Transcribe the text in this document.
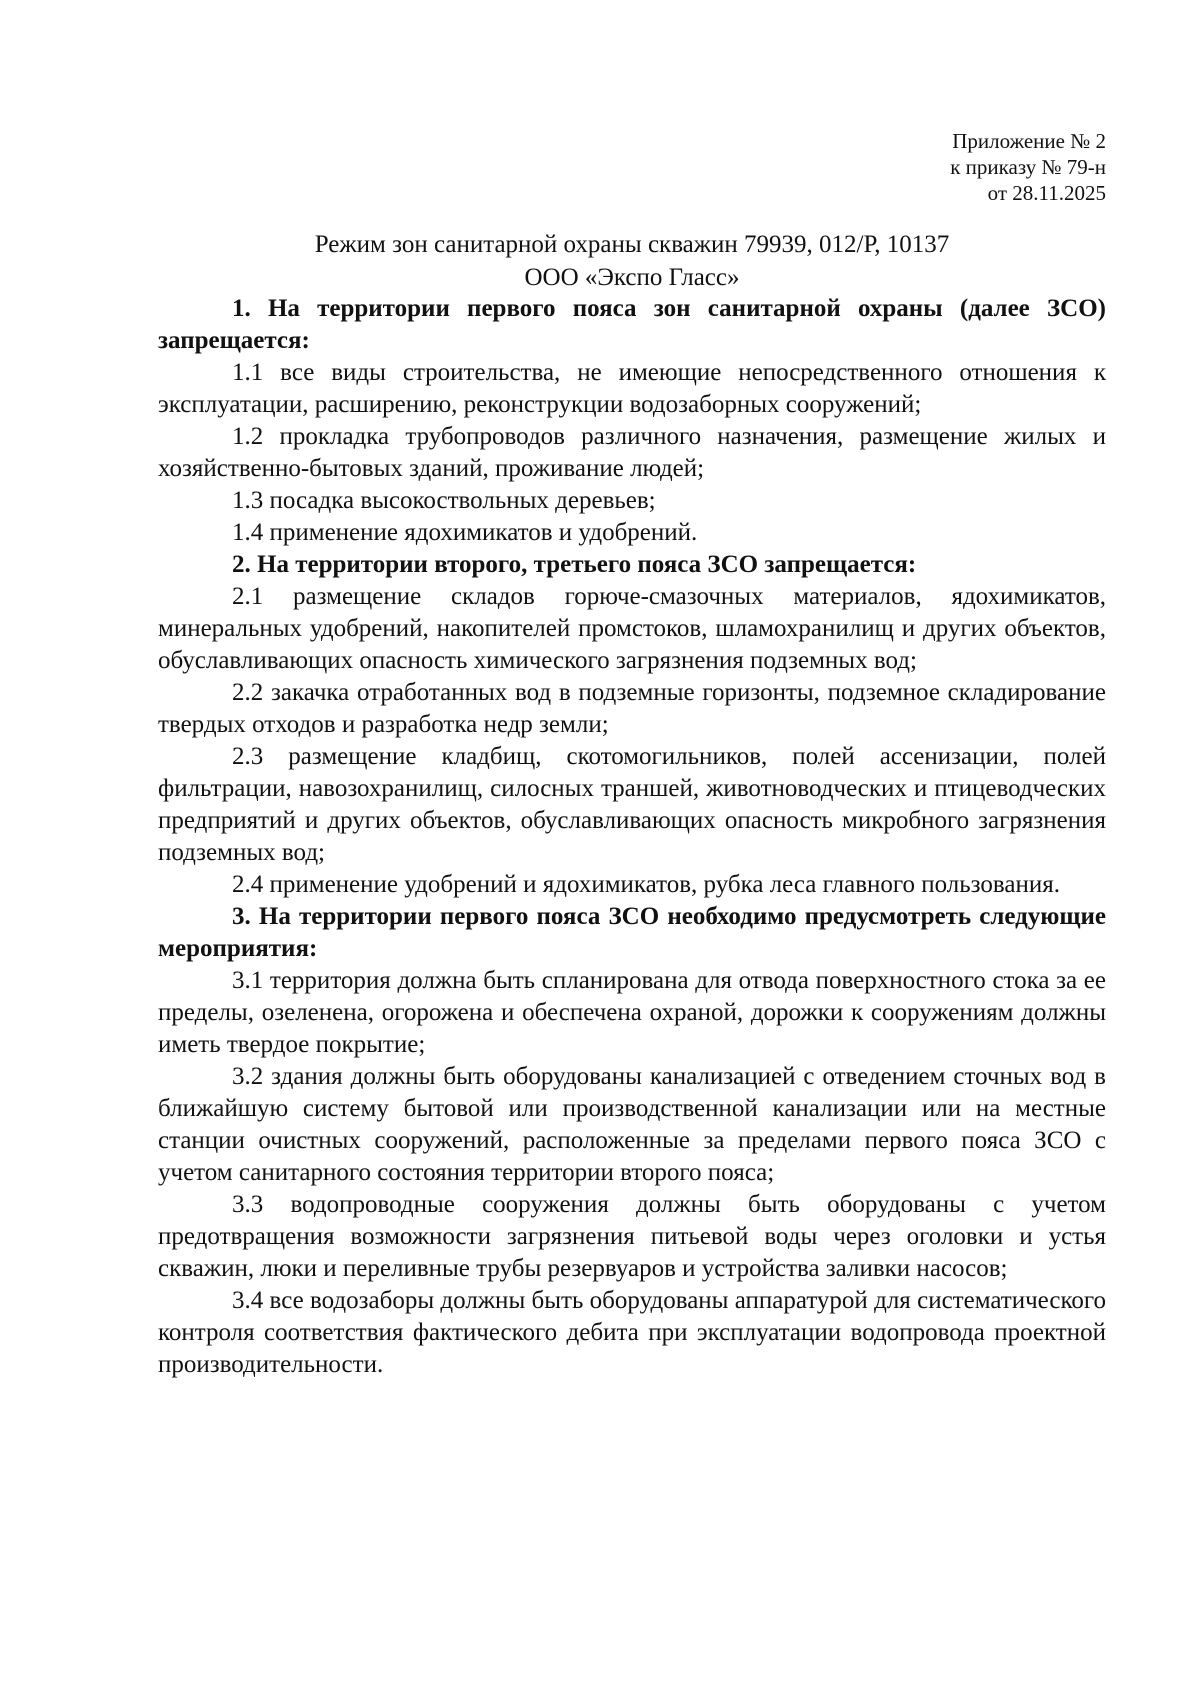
Приложение № 2
к приказу № 79-н
от 28.11.2025
Режим зон санитарной охраны скважин 79939, 012/Р, 10137
ООО «Экспо Гласс»

1. На территории первого пояса зон санитарной охраны (далее ЗСО) запрещается:

1.1 все виды строительства, не имеющие непосредственного отношения к эксплуатации, расширению, реконструкции водозаборных сооружений;

1.2 прокладка трубопроводов различного назначения, размещение жилых и хозяйственно-бытовых зданий, проживание людей;

1.3 посадка высокоствольных деревьев;

1.4 применение ядохимикатов и удобрений.

2. На территории второго, третьего пояса ЗСО запрещается:

2.1 размещение складов горюче-смазочных материалов, ядохимикатов, минеральных удобрений, накопителей промстоков, шламохранилищ и других объектов, обуславливающих опасность химического загрязнения подземных вод;

2.2 закачка отработанных вод в подземные горизонты, подземное складирование твердых отходов и разработка недр земли;

2.3 размещение кладбищ, скотомогильников, полей ассенизации, полей фильтрации, навозохранилищ, силосных траншей, животноводческих и птицеводческих предприятий и других объектов, обуславливающих опасность микробного загрязнения подземных вод;

2.4 применение удобрений и ядохимикатов, рубка леса главного пользования.

3. На территории первого пояса ЗСО необходимо предусмотреть следующие мероприятия:

3.1 территория должна быть спланирована для отвода поверхностного стока за ее пределы, озеленена, огорожена и обеспечена охраной, дорожки к сооружениям должны иметь твердое покрытие;

3.2 здания должны быть оборудованы канализацией с отведением сточных вод в ближайшую систему бытовой или производственной канализации или на местные станции очистных сооружений, расположенные за пределами первого пояса ЗСО с учетом санитарного состояния территории второго пояса;

3.3 водопроводные сооружения должны быть оборудованы с учетом предотвращения возможности загрязнения питьевой воды через оголовки и устья скважин, люки и переливные трубы резервуаров и устройства заливки насосов;

3.4 все водозаборы должны быть оборудованы аппаратурой для систематического контроля соответствия фактического дебита при эксплуатации водопровода проектной производительности.
